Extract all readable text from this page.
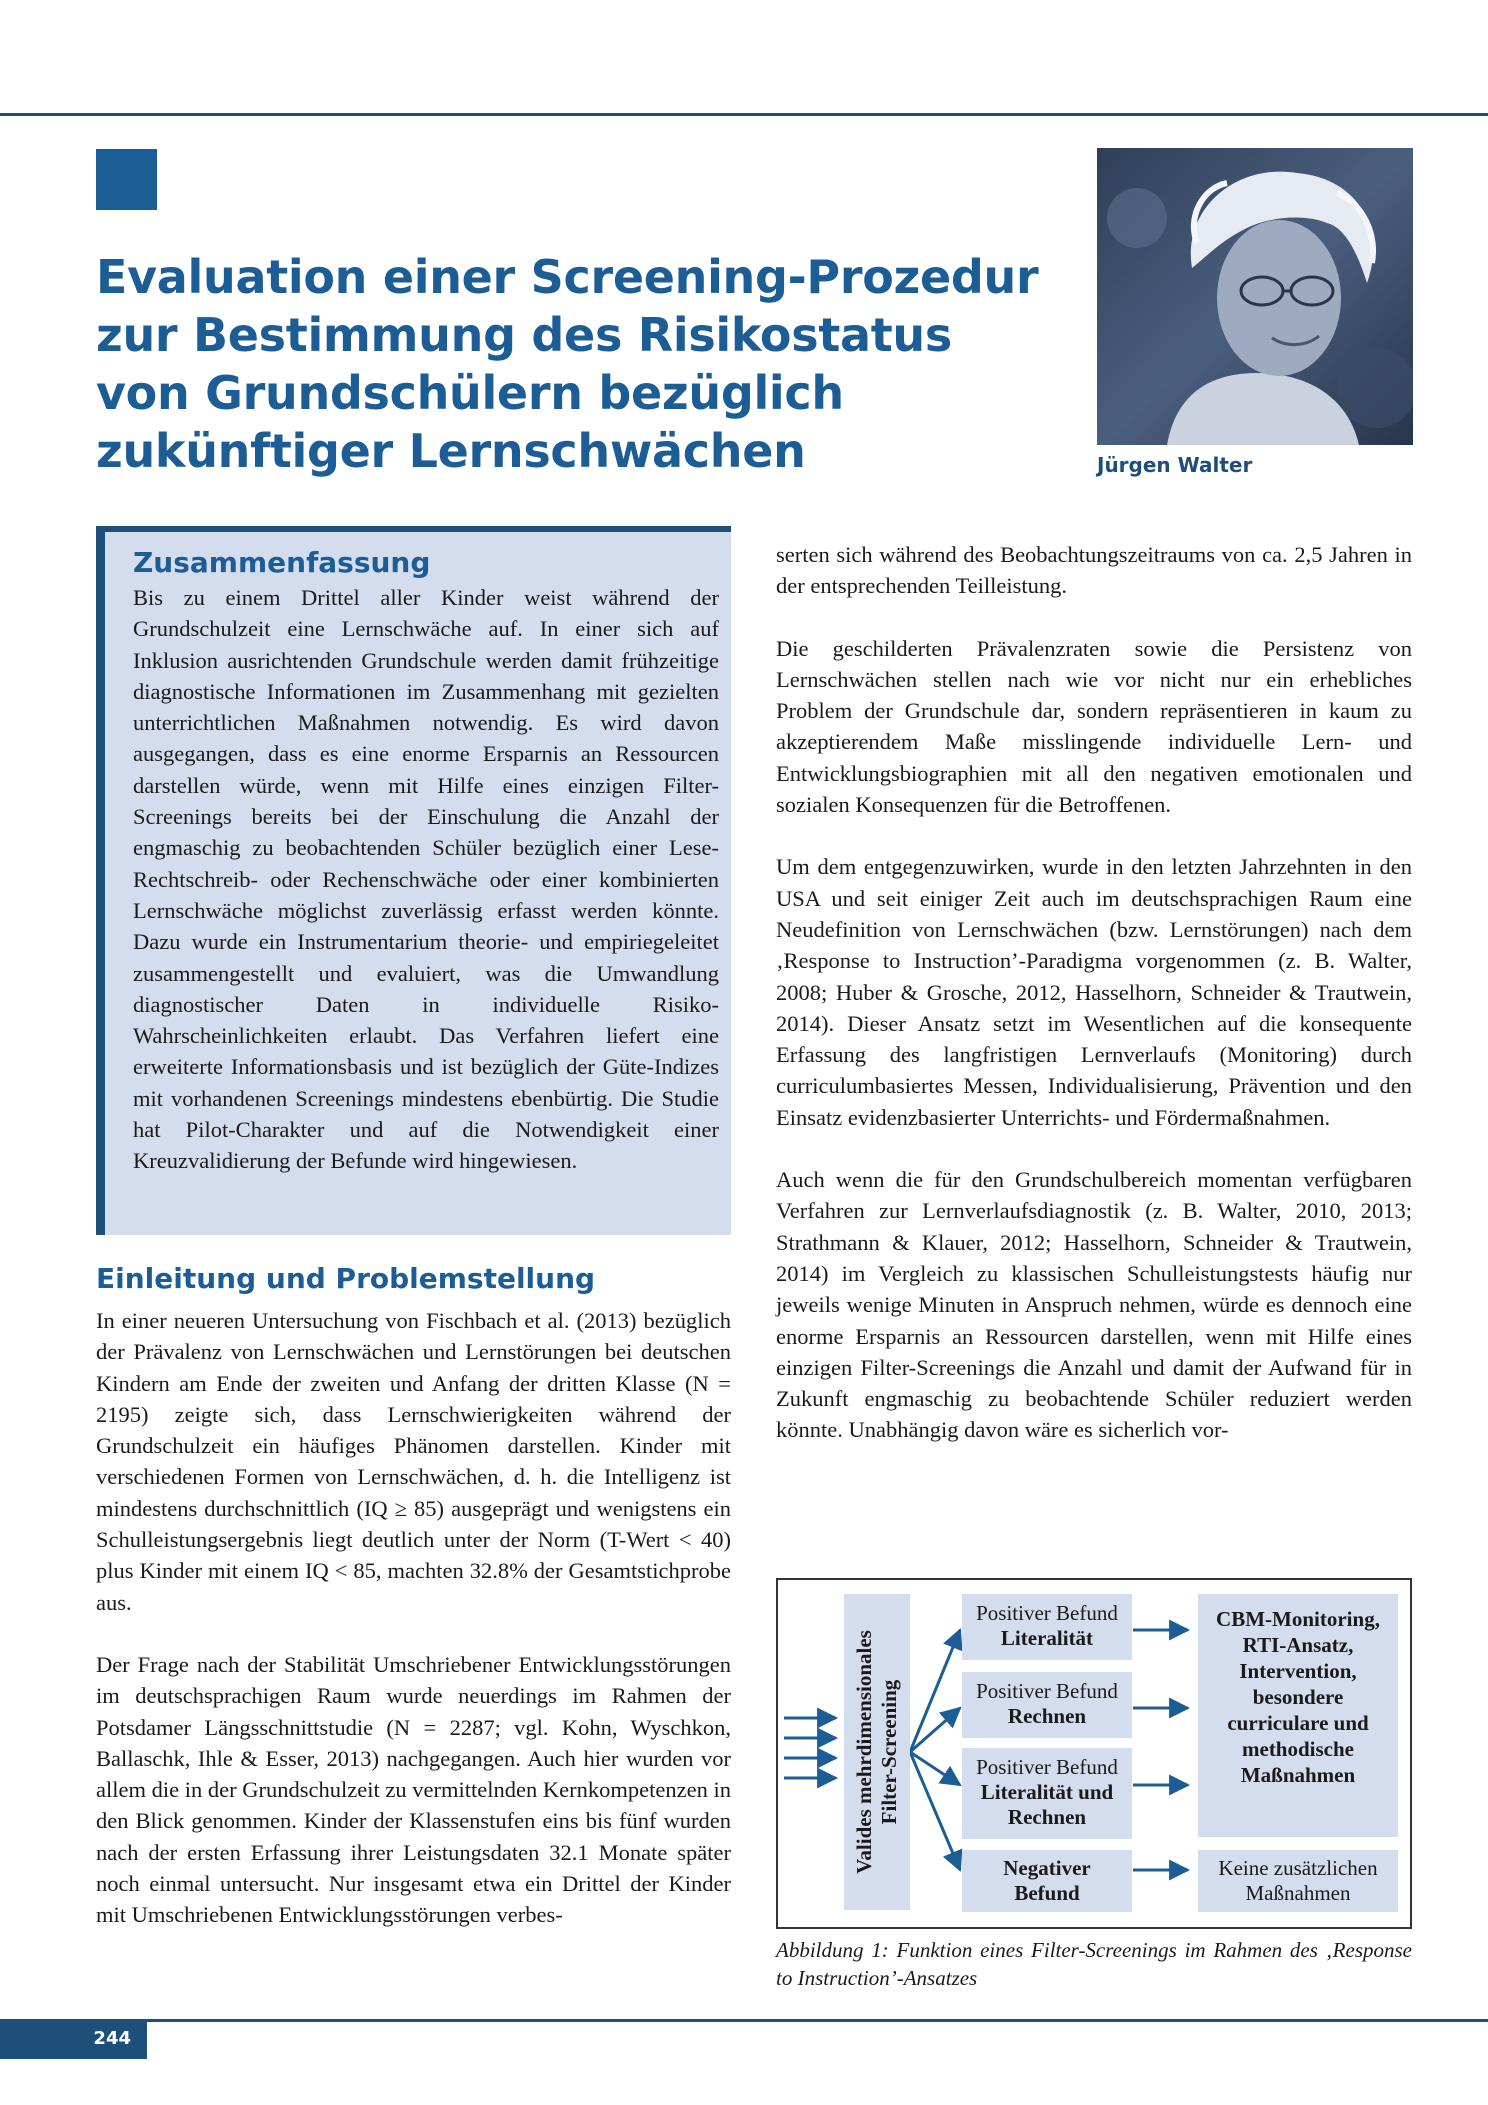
Evaluation einer Screening-Prozedur
zur Bestimmung des Risikostatus
von Grundschülern bezüglich
zukünftiger Lernschwächen	Jürgen Walter
Zusammenfassung

Bis zu einem Drittel aller Kinder weist während der Grundschulzeit eine Lernschwäche auf. In einer sich auf Inklusion ausrichtenden Grundschule werden damit frühzeitige diagnostische Informationen im Zusammenhang mit gezielten unterrichtlichen Maßnahmen notwendig. Es wird davon ausgegangen, dass es eine enorme Ersparnis an Ressourcen darstellen würde, wenn mit Hilfe eines einzigen Filter-Screenings bereits bei der Einschulung die Anzahl der engmaschig zu beobachtenden Schüler bezüglich einer Lese-Rechtschreib- oder Rechenschwäche oder einer kombinierten Lernschwäche möglichst zuverlässig erfasst werden könnte. Dazu wurde ein Instrumentarium theorie- und empiriegeleitet zusammengestellt und evaluiert, was die Umwandlung diagnostischer Daten in individuelle Risiko-Wahrscheinlichkeiten erlaubt. Das Verfahren liefert eine erweiterte Informationsbasis und ist bezüglich der Güte-Indizes mit vorhandenen Screenings mindestens ebenbürtig. Die Studie hat Pilot-Charakter und auf die Notwendigkeit einer Kreuzvalidierung der Befunde wird hingewiesen.

Einleitung und Problemstellung

In einer neueren Untersuchung von Fischbach et al. (2013) bezüglich der Prävalenz von Lernschwächen und Lernstörungen bei deutschen Kindern am Ende der zweiten und Anfang der dritten Klasse (N = 2195) zeigte sich, dass Lernschwierigkeiten während der Grundschulzeit ein häufiges Phänomen darstellen. Kinder mit verschiedenen Formen von Lernschwächen, d. h. die Intelligenz ist mindestens durchschnittlich (IQ ≥ 85) ausgeprägt und wenigstens ein Schulleistungsergebnis liegt deutlich unter der Norm (T-Wert < 40) plus Kinder mit einem IQ < 85, machten 32.8% der Gesamtstichprobe aus.

Der Frage nach der Stabilität Umschriebener Entwicklungsstörungen im deutschsprachigen Raum wurde neuerdings im Rahmen der Potsdamer Längsschnittstudie (N = 2287; vgl. Kohn, Wyschkon, Ballaschk, Ihle & Esser, 2013) nachgegangen. Auch hier wurden vor allem die in der Grundschulzeit zu vermittelnden Kernkompetenzen in den Blick genommen. Kinder der Klassenstufen eins bis fünf wurden nach der ersten Erfassung ihrer Leistungsdaten 32.1 Monate später noch einmal untersucht. Nur insgesamt etwa ein Drittel der Kinder mit Umschriebenen Entwicklungsstörungen verbes-

serten sich während des Beobachtungszeitraums von ca. 2,5 Jahren in der entsprechenden Teilleistung.

Die geschilderten Prävalenzraten sowie die Persistenz von Lernschwächen stellen nach wie vor nicht nur ein erhebliches Problem der Grundschule dar, sondern repräsentieren in kaum zu akzeptierendem Maße misslingende individuelle Lern- und Entwicklungsbiographien mit all den negativen emotionalen und sozialen Konsequenzen für die Betroffenen.

Um dem entgegenzuwirken, wurde in den letzten Jahrzehnten in den USA und seit einiger Zeit auch im deutschsprachigen Raum eine Neudefinition von Lernschwächen (bzw. Lernstörungen) nach dem ‚Response to Instruction’-Paradigma vorgenommen (z. B. Walter, 2008; Huber & Grosche, 2012, Hasselhorn, Schneider & Trautwein, 2014). Dieser Ansatz setzt im Wesentlichen auf die konsequente Erfassung des langfristigen Lernverlaufs (Monitoring) durch curriculumbasiertes Messen, Individualisierung, Prävention und den Einsatz evidenzbasierter Unterrichts- und Fördermaßnahmen.

Auch wenn die für den Grundschulbereich momentan verfügbaren Verfahren zur Lernverlaufsdiagnostik (z. B. Walter, 2010, 2013; Strathmann & Klauer, 2012; Hasselhorn, Schneider & Trautwein, 2014) im Vergleich zu klassischen Schulleistungstests häufig nur jeweils wenige Minuten in Anspruch nehmen, würde es dennoch eine enorme Ersparnis an Ressourcen darstellen, wenn mit Hilfe eines einzigen Filter-Screenings die Anzahl und damit der Aufwand für in Zukunft engmaschig zu beobachtende Schüler reduziert werden könnte. Unabhängig davon wäre es sicherlich vor-

Valides mehrdimensionales
Filter-Screening
Positiver Befund
Literalität
Positiver Befund
Rechnen
Positiver Befund
Literalität und
Rechnen
Negativer
Befund
CBM-Monitoring,
RTI-Ansatz,
Intervention,
besondere
curriculare und
methodische
Maßnahmen
Keine zusätzlichen
Maßnahmen
Abbildung 1: Funktion eines Filter-Screenings im Rahmen des ‚Response to Instruction’-Ansatzes
244
